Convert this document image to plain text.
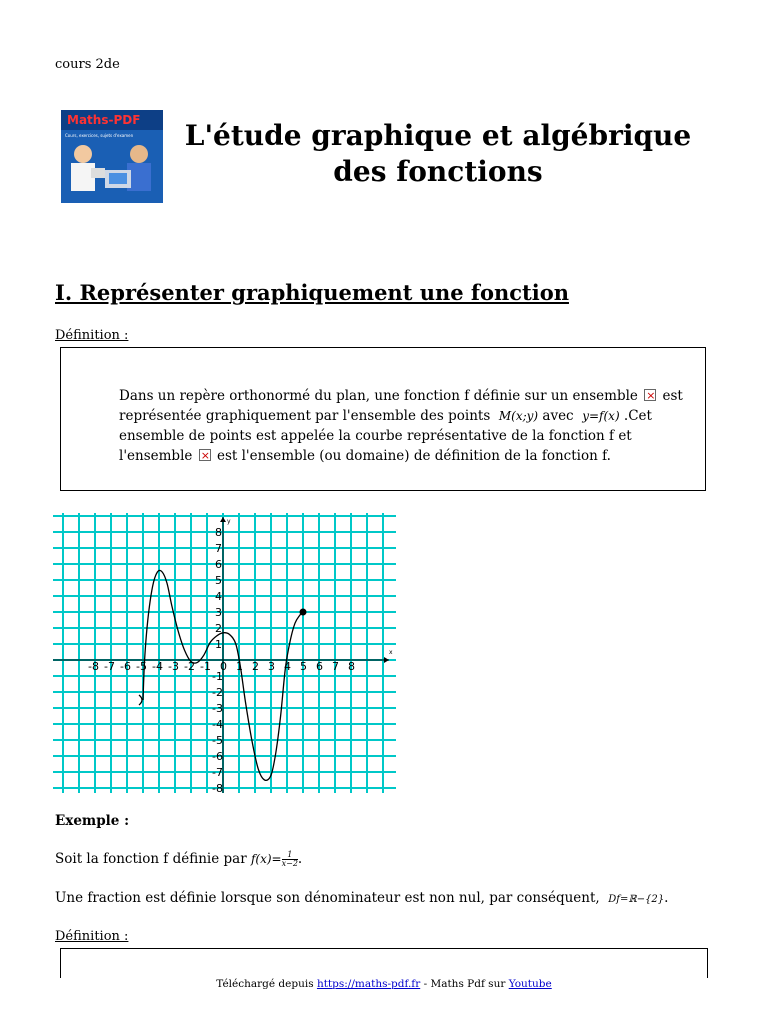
cours 2de
Maths-PDF
Cours, exercices, sujets d'examen	L'étude graphique et algébrique
des fonctions
I. Représenter graphiquement une fonction
Définition :
Dans un repère orthonormé du plan, une fonction f définie sur un ensemble × est représentée graphiquement par l'ensemble des points M(x;y) avec y=f(x) .Cet ensemble de points est appelée la courbe représentative de la fonction f et l'ensemble × est l'ensemble (ou domaine) de définition de la fonction f.
x
y
-8 -7 -6 -5 -4 -3 -2 -1 0 1 2 3 4 5 6 7 8
8
7
6
5
4
3
2
1
-1
-2
-3
-4
-5
-6
-7
-8
Exemple :
Soit la fonction f définie par $f(x)= \frac{1}{x-2}$ .
Une fraction est définie lorsque son dénominateur est non nul, par conséquent, Df=ℝ−{2}.
Définition :
Téléchargé depuis https://maths-pdf.fr - Maths Pdf sur Youtube
